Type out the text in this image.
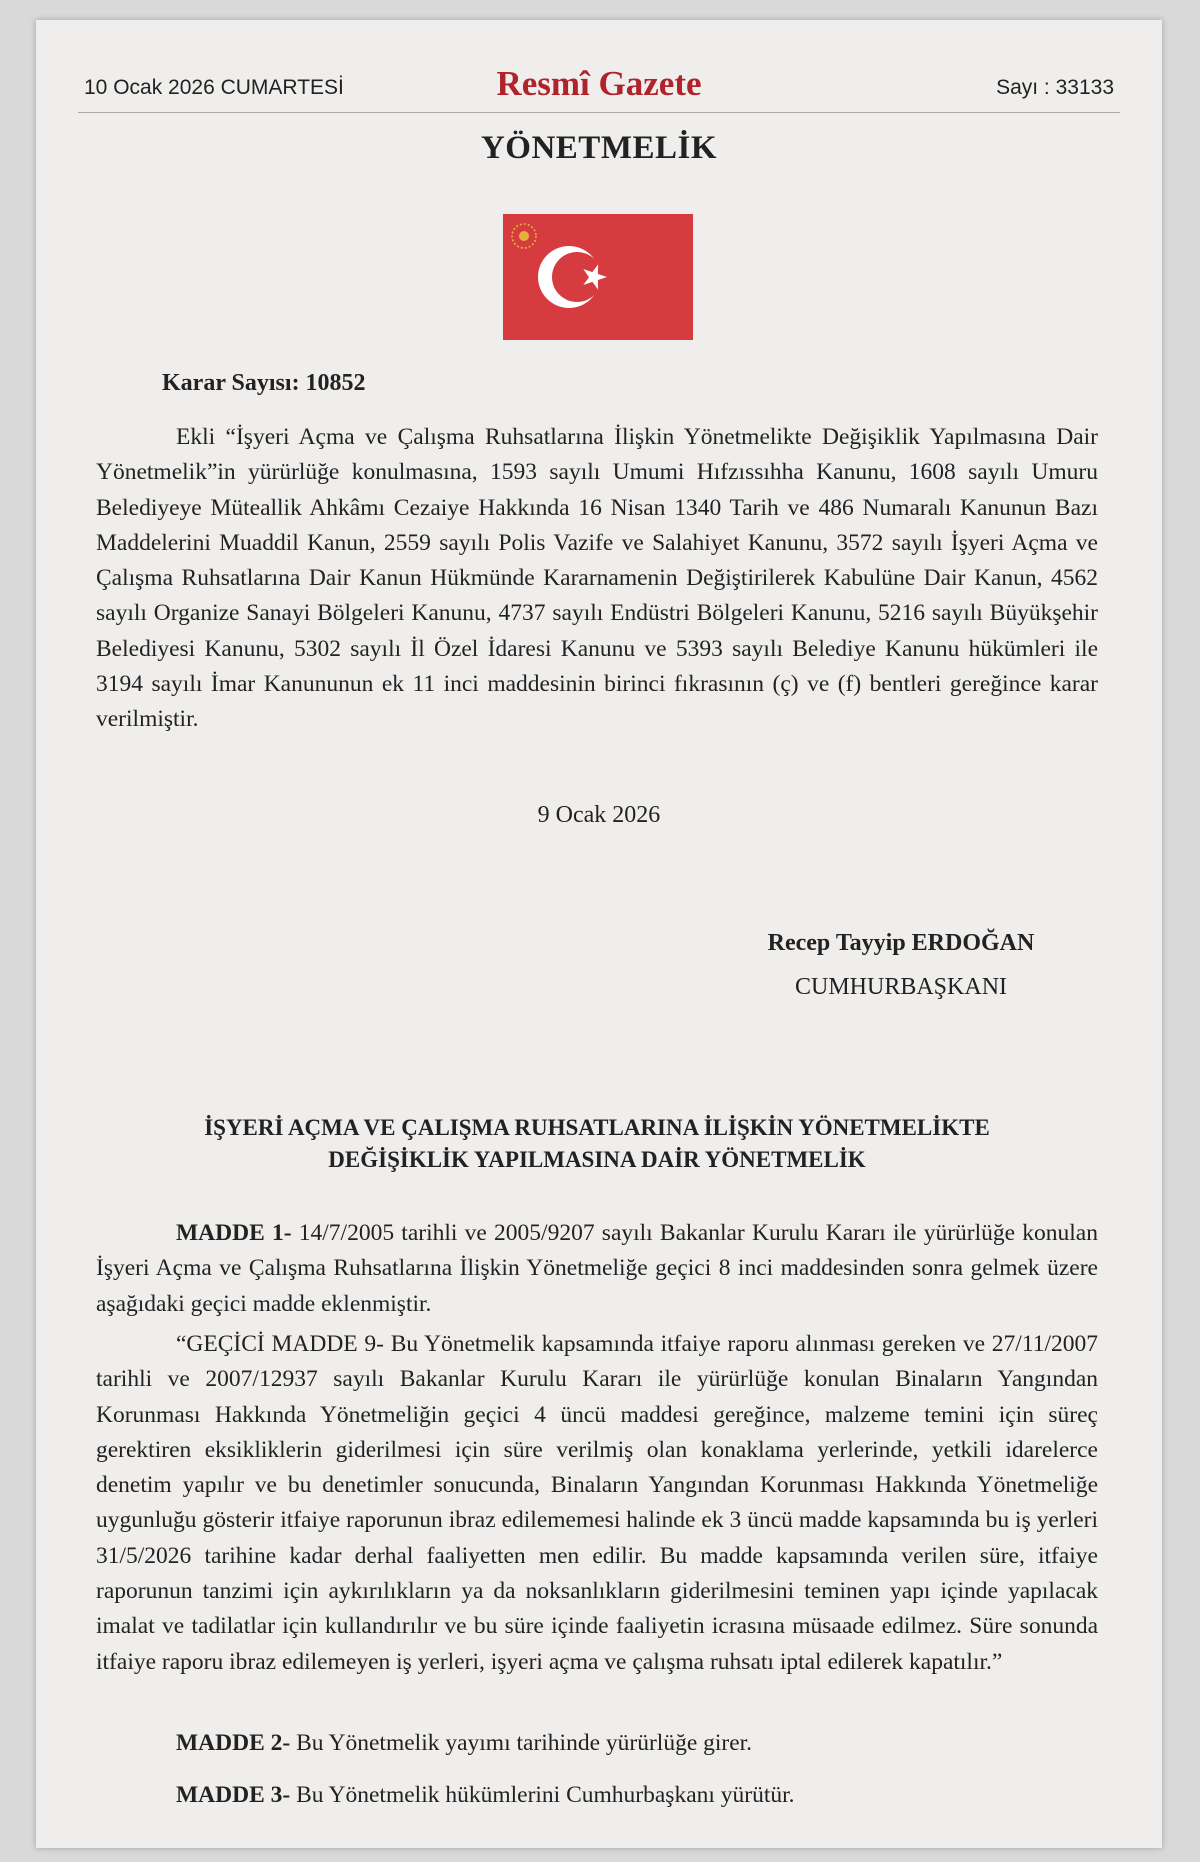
10 Ocak 2026 CUMARTESİ	Resmî Gazete	Sayı : 33133
YÖNETMELİK
Karar Sayısı: 10852

Ekli “İşyeri Açma ve Çalışma Ruhsatlarına İlişkin Yönetmelikte Değişiklik Yapılmasına Dair Yönetmelik”in yürürlüğe konulmasına, 1593 sayılı Umumi Hıfzıssıhha Kanunu, 1608 sayılı Umuru Belediyeye Müteallik Ahkâmı Cezaiye Hakkında 16 Nisan 1340 Tarih ve 486 Numaralı Kanunun Bazı Maddelerini Muaddil Kanun, 2559 sayılı Polis Vazife ve Salahiyet Kanunu, 3572 sayılı İşyeri Açma ve Çalışma Ruhsatlarına Dair Kanun Hükmünde Kararnamenin Değiştirilerek Kabulüne Dair Kanun, 4562 sayılı Organize Sanayi Bölgeleri Kanunu, 4737 sayılı Endüstri Bölgeleri Kanunu, 5216 sayılı Büyükşehir Belediyesi Kanunu, 5302 sayılı İl Özel İdaresi Kanunu ve 5393 sayılı Belediye Kanunu hükümleri ile 3194 sayılı İmar Kanununun ek 11 inci maddesinin birinci fıkrasının (ç) ve (f) bentleri gereğince karar verilmiştir.

9 Ocak 2026
Recep Tayyip ERDOĞAN
CUMHURBAŞKANI
İŞYERİ AÇMA VE ÇALIŞMA RUHSATLARINA İLİŞKİN YÖNETMELİKTE
DEĞİŞİKLİK YAPILMASINA DAİR YÖNETMELİK

MADDE 1- 14/7/2005 tarihli ve 2005/9207 sayılı Bakanlar Kurulu Kararı ile yürürlüğe konulan İşyeri Açma ve Çalışma Ruhsatlarına İlişkin Yönetmeliğe geçici 8 inci maddesinden sonra gelmek üzere aşağıdaki geçici madde eklenmiştir.

“GEÇİCİ MADDE 9- Bu Yönetmelik kapsamında itfaiye raporu alınması gereken ve 27/11/2007 tarihli ve 2007/12937 sayılı Bakanlar Kurulu Kararı ile yürürlüğe konulan Binaların Yangından Korunması Hakkında Yönetmeliğin geçici 4 üncü maddesi gereğince, malzeme temini için süreç gerektiren eksikliklerin giderilmesi için süre verilmiş olan konaklama yerlerinde, yetkili idarelerce denetim yapılır ve bu denetimler sonucunda, Binaların Yangından Korunması Hakkında Yönetmeliğe uygunluğu gösterir itfaiye raporunun ibraz edilememesi halinde ek 3 üncü madde kapsamında bu iş yerleri 31/5/2026 tarihine kadar derhal faaliyetten men edilir. Bu madde kapsamında verilen süre, itfaiye raporunun tanzimi için aykırılıkların ya da noksanlıkların giderilmesini teminen yapı içinde yapılacak imalat ve tadilatlar için kullandırılır ve bu süre içinde faaliyetin icrasına müsaade edilmez. Süre sonunda itfaiye raporu ibraz edilemeyen iş yerleri, işyeri açma ve çalışma ruhsatı iptal edilerek kapatılır.”

MADDE 2- Bu Yönetmelik yayımı tarihinde yürürlüğe girer.

MADDE 3- Bu Yönetmelik hükümlerini Cumhurbaşkanı yürütür.
